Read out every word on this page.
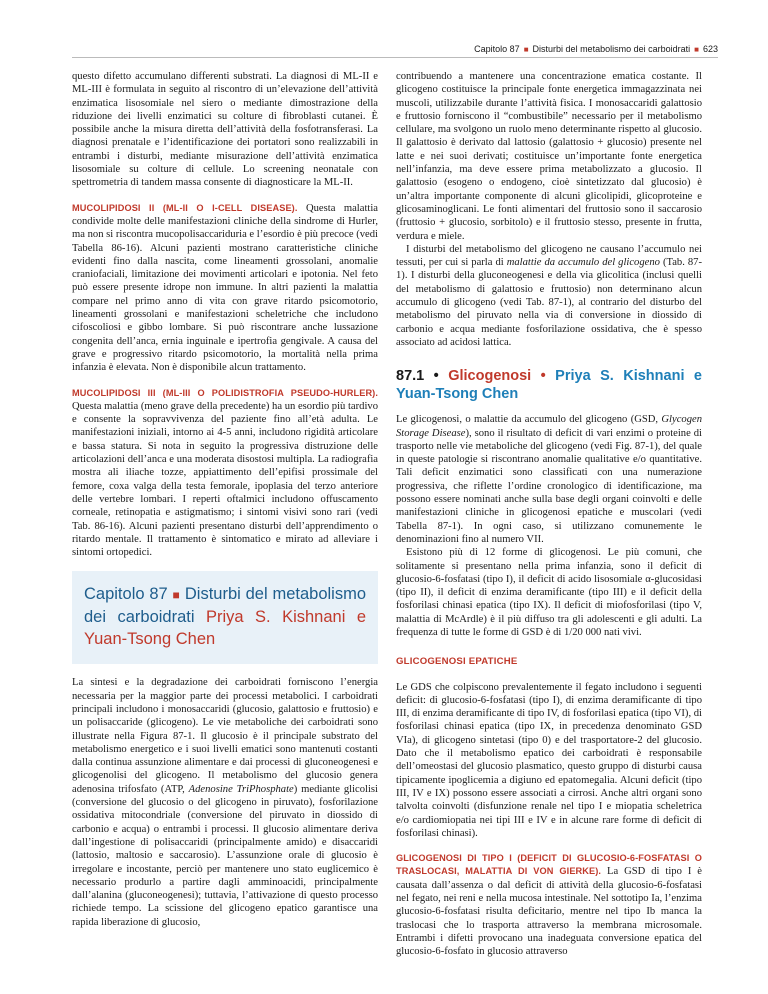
Capitolo 87 ■ Disturbi del metabolismo dei carboidrati ■ 623

questo difetto accumulano differenti substrati. La diagnosi di ML-II e ML-III è formulata in seguito al riscontro di un’elevazione dell’attività enzimatica lisosomiale nel siero o mediante dimostrazione della riduzione dei livelli enzimatici su colture di fibroblasti cutanei. È possibile anche la misura diretta dell’attività della fosfotransferasi. La diagnosi prenatale e l’identificazione dei portatori sono realizzabili in entrambi i disturbi, mediante misurazione dell’attività enzimatica lisosomiale su colture di cellule. Lo screening neonatale con spettrometria di tandem massa consente di diagnosticare la ML-II.

MUCOLIPIDOSI II (ML-II O I-CELL DISEASE). Questa malattia condivide molte delle manifestazioni cliniche della sindrome di Hurler, ma non si riscontra mucopolisaccariduria e l’esordio è più precoce (vedi Tabella 86-16). Alcuni pazienti mostrano caratteristiche cliniche evidenti fino dalla nascita, come lineamenti grossolani, anomalie craniofaciali, limitazione dei movimenti articolari e ipotonia. Nel feto può essere presente idrope non immune. In altri pazienti la malattia compare nel primo anno di vita con grave ritardo psicomotorio, lineamenti grossolani e manifestazioni scheletriche che includono cifoscoliosi e gibbo lombare. Si può riscontrare anche lussazione congenita dell’anca, ernia inguinale e ipertrofia gengivale. A causa del grave e progressivo ritardo psicomotorio, la mortalità nella prima infanzia è elevata. Non è disponibile alcun trattamento.

MUCOLIPIDOSI III (ML-III O POLIDISTROFIA PSEUDO-HURLER). Questa malattia (meno grave della precedente) ha un esordio più tardivo e consente la sopravvivenza del paziente fino all’età adulta. Le manifestazioni iniziali, intorno ai 4-5 anni, includono rigidità articolare e bassa statura. Si nota in seguito la progressiva distruzione delle articolazioni dell’anca e una moderata disostosi multipla. La radiografia mostra ali iliache tozze, appiattimento dell’epifisi prossimale del femore, coxa valga della testa femorale, ipoplasia del terzo anteriore delle vertebre lombari. I reperti oftalmici includono offuscamento corneale, retinopatia e astigmatismo; i sintomi visivi sono rari (vedi Tab. 86-16). Alcuni pazienti presentano disturbi dell’apprendimento o ritardo mentale. Il trattamento è sintomatico e mirato ad alleviare i sintomi ortopedici.

Capitolo 87 ■ Disturbi del metabolismo dei carboidrati Priya S. Kishnani e Yuan-Tsong Chen

La sintesi e la degradazione dei carboidrati forniscono l’energia necessaria per la maggior parte dei processi metabolici. I carboidrati principali includono i monosaccaridi (glucosio, galattosio e fruttosio) e un polisaccaride (glicogeno). Le vie metaboliche dei carboidrati sono illustrate nella Figura 87-1. Il glucosio è il principale substrato del metabolismo energetico e i suoi livelli ematici sono mantenuti costanti dalla continua assunzione alimentare e dai processi di gluconeogenesi e glicogenolisi del glicogeno. Il metabolismo del glucosio genera adenosina trifosfato (ATP, Adenosine TriPhosphate) mediante glicolisi (conversione del glucosio o del glicogeno in piruvato), fosforilazione ossidativa mitocondriale (conversione del piruvato in diossido di carbonio e acqua) o entrambi i processi. Il glucosio alimentare deriva dall’ingestione di polisaccaridi (principalmente amido) e disaccaridi (lattosio, maltosio e saccarosio). L’assunzione orale di glucosio è irregolare e incostante, perciò per mantenere uno stato euglicemico è necessario produrlo a partire dagli amminoacidi, principalmente dall’alanina (gluconeogenesi); tuttavia, l’attivazione di questo processo richiede tempo. La scissione del glicogeno epatico garantisce una rapida liberazione di glucosio,

contribuendo a mantenere una concentrazione ematica costante. Il glicogeno costituisce la principale fonte energetica immagazzinata nei muscoli, utilizzabile durante l’attività fisica. I monosaccaridi galattosio e fruttosio forniscono il “combustibile” necessario per il metabolismo cellulare, ma svolgono un ruolo meno determinante rispetto al glucosio. Il galattosio è derivato dal lattosio (galattosio + glucosio) presente nel latte e nei suoi derivati; costituisce un’importante fonte energetica nell’infanzia, ma deve essere prima metabolizzato a glucosio. Il galattosio (esogeno o endogeno, cioè sintetizzato dal glucosio) è un’altra importante componente di alcuni glicolipidi, glicoproteine e glicosaminoglicani. Le fonti alimentari del fruttosio sono il saccarosio (fruttosio + glucosio, sorbitolo) e il fruttosio stesso, presente in frutta, verdura e miele.

I disturbi del metabolismo del glicogeno ne causano l’accumulo nei tessuti, per cui si parla di malattie da accumulo del glicogeno (Tab. 87-1). I disturbi della gluconeogenesi e della via glicolitica (inclusi quelli del metabolismo di galattosio e fruttosio) non determinano alcun accumulo di glicogeno (vedi Tab. 87-1), al contrario del disturbo del metabolismo del piruvato nella via di conversione in diossido di carbonio e acqua mediante fosforilazione ossidativa, che è spesso associato ad acidosi lattica.

87.1 • Glicogenosi • Priya S. Kishnani e Yuan-Tsong Chen

Le glicogenosi, o malattie da accumulo del glicogeno (GSD, Glycogen Storage Disease), sono il risultato di deficit di vari enzimi o proteine di trasporto nelle vie metaboliche del glicogeno (vedi Fig. 87-1), del quale in queste patologie si riscontrano anomalie qualitative e/o quantitative. Tali deficit enzimatici sono classificati con una numerazione progressiva, che riflette l’ordine cronologico di identificazione, ma possono essere nominati anche sulla base degli organi coinvolti e delle manifestazioni cliniche in glicogenosi epatiche e muscolari (vedi Tabella 87-1). In ogni caso, si utilizzano comunemente le denominazioni fino al numero VII.

Esistono più di 12 forme di glicogenosi. Le più comuni, che solitamente si presentano nella prima infanzia, sono il deficit di glucosio-6-fosfatasi (tipo I), il deficit di acido lisosomiale α-glucosidasi (tipo II), il deficit di enzima deramificante (tipo III) e il deficit della fosforilasi chinasi epatica (tipo IX). Il deficit di miofosforilasi (tipo V, malattia di McArdle) è il più diffuso tra gli adolescenti e gli adulti. La frequenza di tutte le forme di GSD è di 1/20 000 nati vivi.

GLICOGENOSI EPATICHE

Le GDS che colpiscono prevalentemente il fegato includono i seguenti deficit: di glucosio-6-fosfatasi (tipo I), di enzima deramificante di tipo III, di enzima deramificante di tipo IV, di fosforilasi epatica (tipo VI), di fosforilasi chinasi epatica (tipo IX, in precedenza denominato GSD VIa), di glicogeno sintetasi (tipo 0) e del trasportatore-2 del glucosio. Dato che il metabolismo epatico dei carboidrati è responsabile dell’omeostasi del glucosio plasmatico, questo gruppo di disturbi causa tipicamente ipoglicemia a digiuno ed epatomegalia. Alcuni deficit (tipo III, IV e IX) possono essere associati a cirrosi. Anche altri organi sono talvolta coinvolti (disfunzione renale nel tipo I e miopatia scheletrica e/o cardiomiopatia nei tipi III e IV e in alcune rare forme di deficit di fosforilasi chinasi).

GLICOGENOSI DI TIPO I (DEFICIT DI GLUCOSIO-6-FOSFATASI O TRASLOCASI, MALATTIA DI VON GIERKE). La GSD di tipo I è causata dall’assenza o dal deficit di attività della glucosio-6-fosfatasi nel fegato, nei reni e nella mucosa intestinale. Nel sottotipo Ia, l’enzima glucosio-6-fosfatasi risulta deficitario, mentre nel tipo Ib manca la traslocasi che lo trasporta attraverso la membrana microsomale. Entrambi i difetti provocano una inadeguata conversione epatica del glucosio-6-fosfato in glucosio attraverso
